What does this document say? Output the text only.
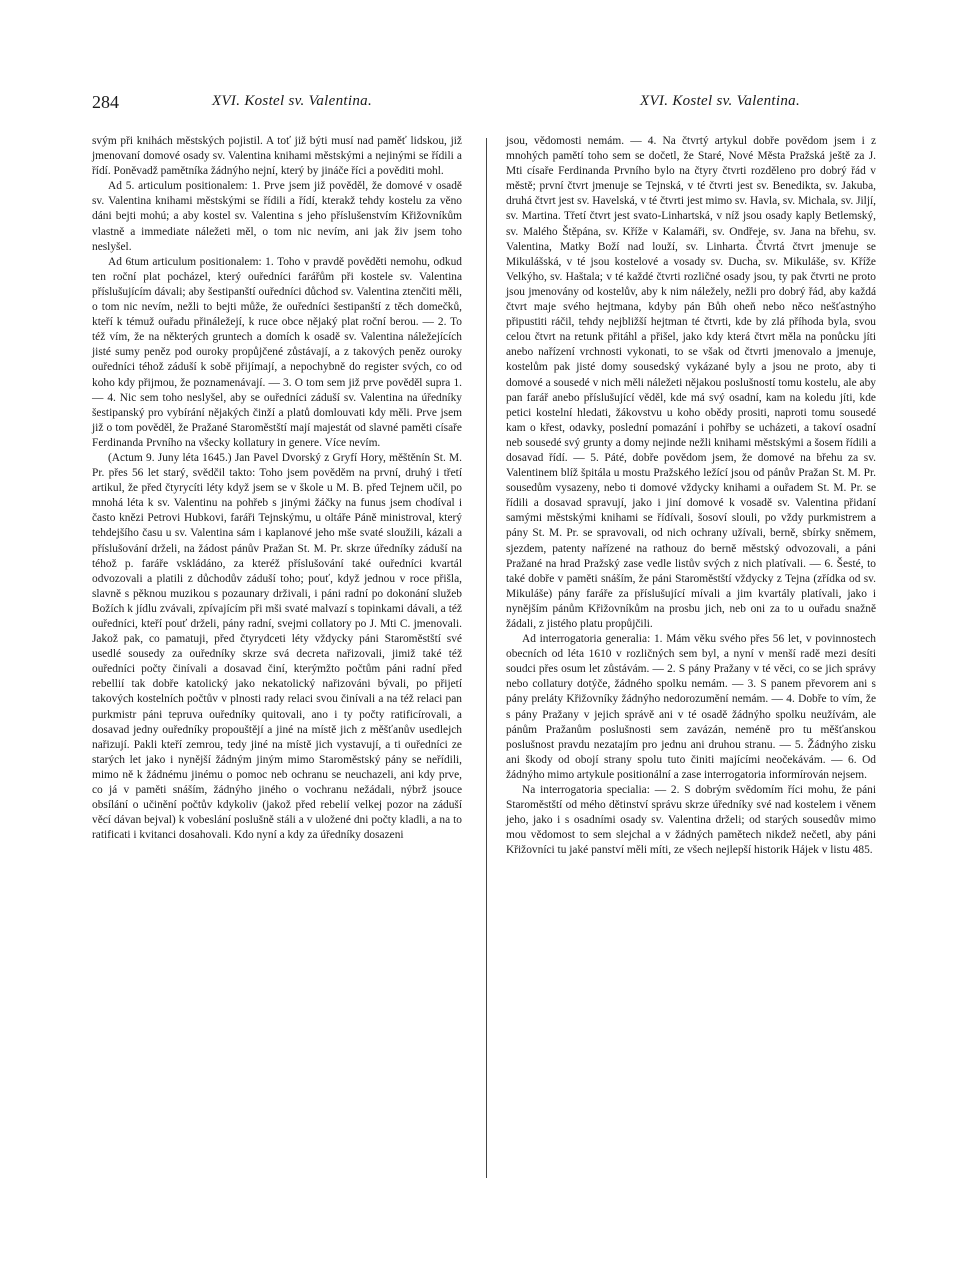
284	XVI. Kostel sv. Valentina.	XVI. Kostel sv. Valentina.

svým při knihách městských pojistil. A toť již býti musí nad paměť lidskou, již jmenovaní domové osady sv. Valentina knihami městskými a nejinými se řídili a řídí. Poněvadž pamětníka žádnýho nejní, který by jináče říci a pověditi mohl.

Ad 5. articulum positionalem: 1. Prve jsem již pověděl, že domové v osadě sv. Valentina knihami městskými se řídili a řídí, kterakž tehdy kostelu za věno dáni bejti mohú; a aby kostel sv. Valentina s jeho příslušenstvím Křižovníkům vlastně a immediate náležeti měl, o tom nic nevím, ani jak živ jsem toho neslyšel.

Ad 6tum articulum positionalem: 1. Toho v pravdě pověděti nemohu, odkud ten roční plat pocházel, který ouředníci farářům při kostele sv. Valentina příslušujícím dávali; aby šestipanští ouředníci důchod sv. Valentina ztenčiti měli, o tom nic nevím, nežli to bejti může, že ouředníci šestipanští z těch domečků, kteří k témuž ouřadu přináležejí, k ruce obce nějaký plat roční berou. — 2. To též vím, že na některých gruntech a domích k osadě sv. Valentina náležejících jisté sumy peněz pod ouroky propůjčené zůstávají, a z takových peněz ouroky ouředníci téhož záduší k sobě přijímají, a nepochybně do register svých, co od koho kdy přijmou, že poznamenávají. — 3. O tom sem již prve pověděl supra 1. — 4. Nic sem toho neslyšel, aby se ouředníci záduší sv. Valentina na úředníky šestipanský pro vybírání nějakých činží a platů domlouvati kdy měli. Prve jsem již o tom pověděl, že Pražané Staroměstští mají majestát od slavné paměti císaře Ferdinanda Prvního na všecky kollatury in genere. Více nevím.

(Actum 9. Juny léta 1645.) Jan Pavel Dvorský z Gryfí Hory, měštěnín St. M. Pr. přes 56 let starý, svědčil takto: Toho jsem pověděm na první, druhý i třetí artikul, že před čtyrycíti léty když jsem se v škole u M. B. před Tejnem učil, po mnohá léta k sv. Valentinu na pohřeb s jinými žáčky na funus jsem chodíval i často knězi Petrovi Hubkovi, faráři Tejnskýmu, u oltáře Páně ministroval, který tehdejšího času u sv. Valentina sám i kaplanové jeho mše svaté sloužili, kázali a příslušování drželi, na žádost pánův Pražan St. M. Pr. skrze úředníky záduší na téhož p. faráře vskládáno, za kteréž příslušování také ouředníci kvartál odvozovali a platili z důchodův záduší toho; pouť, když jednou v roce přišla, slavně s pěknou muzikou s pozaunary drživali, i páni radní po dokonání služeb Božích k jídlu zvávali, zpívajícím při mši svaté malvazí s topinkami dávali, a též ouředníci, kteří pouť drželi, pány radní, svejmi collatory po J. Mti C. jmenovali. Jakož pak, co pamatuji, před čtyrydceti léty vždycky páni Staroměstští své usedlé sousedy za ouředníky skrze svá decreta nařizovali, jimiž také též ouředníci počty činívali a dosavad činí, kterýmžto počtům páni radní před rebellií tak dobře katolický jako nekatolický nařizováni bývali, po přijetí takových kostelních počtův v plnosti rady relaci svou činívali a na též relaci pan purkmistr páni tepruva ouředníky quitovali, ano i ty počty ratificírovali, a dosavad jedny ouředníky propouštějí a jiné na místě jich z měšťanův usedlejch nařizují. Pakli kteří zemrou, tedy jiné na místě jich vystavují, a ti ouředníci ze starých let jako i nynější žádným jiným mimo Staroměstský pány se neřídili, mimo ně k žádnému jinému o pomoc neb ochranu se neuchazeli, ani kdy prve, co já v paměti snáším, žádnýho jiného o vochranu nežádali, nýbrž jsouce obsílání o učinění počtův kdykoliv (jakož před rebelií velkej pozor na záduší věcí dávan bejval) k vobeslání poslušně stáli a v uložené dni počty kladli, a na to ratificati i kvitanci dosahovali. Kdo nyní a kdy za úředníky dosazeni

jsou, vědomosti nemám. — 4. Na čtvrtý artykul dobře povědom jsem i z mnohých pamětí toho sem se dočetl, že Staré, Nové Města Pražská ještě za J. Mti císaře Ferdinanda Prvního bylo na čtyry čtvrti rozděleno pro dobrý řád v městě; první čtvrt jmenuje se Tejnská, v té čtvrti jest sv. Benedikta, sv. Jakuba, druhá čtvrt jest sv. Havelská, v té čtvrti jest mimo sv. Havla, sv. Michala, sv. Jiljí, sv. Martina. Třetí čtvrt jest svato-Linhartská, v níž jsou osady kaply Betlemský, sv. Malého Štěpána, sv. Kříže v Kalamáři, sv. Ondřeje, sv. Jana na břehu, sv. Valentina, Matky Boží nad louží, sv. Linharta. Čtvrtá čtvrt jmenuje se Mikulášská, v té jsou kostelové a vosady sv. Ducha, sv. Mikuláše, sv. Kříže Velkýho, sv. Haštala; v té každé čtvrti rozličné osady jsou, ty pak čtvrti ne proto jsou jmenovány od kostelův, aby k nim náležely, nežli pro dobrý řád, aby každá čtvrt maje svého hejtmana, kdyby pán Bůh oheň nebo něco nešťastnýho připustiti ráčil, tehdy nejbližší hejtman té čtvrti, kde by zlá příhoda byla, svou celou čtvrt na retunk přitáhl a přišel, jako kdy která čtvrt měla na ponůcku jíti anebo nařízení vrchnosti vykonati, to se však od čtvrti jmenovalo a jmenuje, kostelům pak jisté domy sousedský vykázané byly a jsou ne proto, aby ti domové a sousedé v nich měli náležeti nějakou poslušností tomu kostelu, ale aby pan farář anebo příslušující věděl, kde má svý osadní, kam na koledu jíti, kde petici kostelní hledati, žákovstvu u koho obědy prositi, naproti tomu sousedé kam o křest, odavky, poslední pomazání i pohřby se ucházeti, a takoví osadní neb sousedé svý grunty a domy nejinde nežli knihami městskými a šosem řídili a dosavad řídí. — 5. Páté, dobře povědom jsem, že domové na břehu za sv. Valentinem blíž špitála u mostu Pražského ležící jsou od pánův Pražan St. M. Pr. sousedům vysazeny, nebo ti domové vždycky knihami a ouřadem St. M. Pr. se řídili a dosavad spravují, jako i jiní domové k vosadě sv. Valentina přidaní samými městskými knihami se řídívali, šosoví slouli, po vždy purkmistrem a pány St. M. Pr. se spravovali, od nich ochrany užívali, berně, sbírky sněmem, sjezdem, patenty nařízené na rathouz do berně městský odvozovali, a páni Pražané na hrad Pražský zase vedle listův svých z nich platívali. — 6. Šesté, to také dobře v paměti snáším, že páni Staroměstští vždycky z Tejna (zřídka od sv. Mikuláše) pány faráře za příslušující mívali a jim kvartály platívali, jako i nynějším pánům Křižovníkům na prosbu jich, neb oni za to u ouřadu snažně žádali, z jistého platu propůjčili.

Ad interrogatoria generalia: 1. Mám věku svého přes 56 let, v povinnostech obecních od léta 1610 v rozličných sem byl, a nyní v menší radě mezi desíti soudci přes osum let zůstávám. — 2. S pány Pražany v té věci, co se jich správy nebo collatury dotýče, žádného spolku nemám. — 3. S panem převorem ani s pány preláty Křižovníky žádnýho nedorozumění nemám. — 4. Dobře to vím, že s pány Pražany v jejich správě ani v té osadě žádnýho spolku neužívám, ale pánům Pražanům poslušnosti sem zavázán, neméně pro tu měšťanskou poslušnost pravdu nezatajím pro jednu ani druhou stranu. — 5. Žádnýho zisku ani škody od obojí strany spolu tuto činiti majícími neočekávám. — 6. Od žádnýho mimo artykule positionální a zase interrogatoria informírován nejsem.

Na interrogatoria specialia: — 2. S dobrým svědomím říci mohu, že páni Staroměstští od mého dětinství správu skrze úředníky své nad kostelem i věnem jeho, jako i s osadními osady sv. Valentina drželi; od starých sousedův mimo mou vědomost to sem slejchal a v žádných pamětech nikdež nečetl, aby páni Křižovníci tu jaké panství měli míti, ze všech nejlepší historik Hájek v listu 485.
